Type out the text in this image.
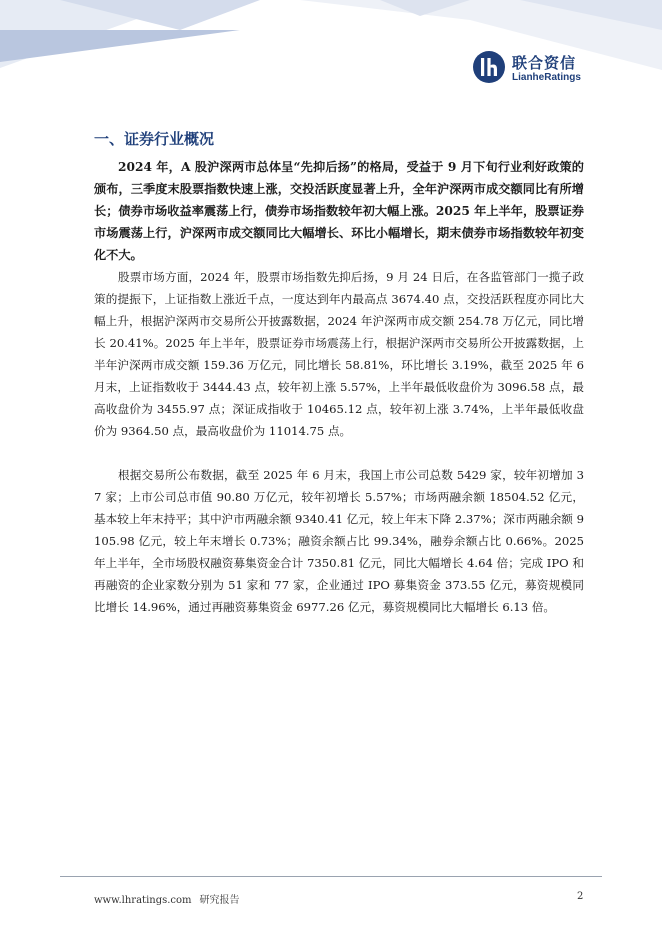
联合资信
LianheRatings
一、证券行业概况

2024 年，A 股沪深两市总体呈“先抑后扬”的格局，受益于 9 月下旬行业利好政策的颁布，三季度末股票指数快速上涨，交投活跃度显著上升，全年沪深两市成交额同比有所增长；债券市场收益率震荡上行，债券市场指数较年初大幅上涨。2025 年上半年，股票证券市场震荡上行，沪深两市成交额同比大幅增长、环比小幅增长，期末债券市场指数较年初变化不大。

股票市场方面，2024 年，股票市场指数先抑后扬，9 月 24 日后，在各监管部门一揽子政策的提振下，上证指数上涨近千点，一度达到年内最高点 3674.40 点，交投活跃程度亦同比大幅上升，根据沪深两市交易所公开披露数据，2024 年沪深两市成交额 254.78 万亿元，同比增长 20.41%。2025 年上半年，股票证券市场震荡上行，根据沪深两市交易所公开披露数据，上半年沪深两市成交额 159.36 万亿元，同比增长 58.81%，环比增长 3.19%，截至 2025 年 6 月末，上证指数收于 3444.43 点，较年初上涨 5.57%，上半年最低收盘价为 3096.58 点，最高收盘价为 3455.97 点；深证成指收于 10465.12 点，较年初上涨 3.74%，上半年最低收盘价为 9364.50 点，最高收盘价为 11014.75 点。

根据交易所公布数据，截至 2025 年 6 月末，我国上市公司总数 5429 家，较年初增加 37 家；上市公司总市值 90.80 万亿元，较年初增长 5.57%；市场两融余额 18504.52 亿元，基本较上年末持平；其中沪市两融余额 9340.41 亿元，较上年末下降 2.37%；深市两融余额 9105.98 亿元，较上年末增长 0.73%；融资余额占比 99.34%，融券余额占比 0.66%。2025 年上半年，全市场股权融资募集资金合计 7350.81 亿元，同比大幅增长 4.64 倍；完成 IPO 和再融资的企业家数分别为 51 家和 77 家，企业通过 IPO 募集资金 373.55 亿元，募资规模同比增长 14.96%，通过再融资募集资金 6977.26 亿元，募资规模同比大幅增长 6.13 倍。

www.lhratings.com 研究报告	2
